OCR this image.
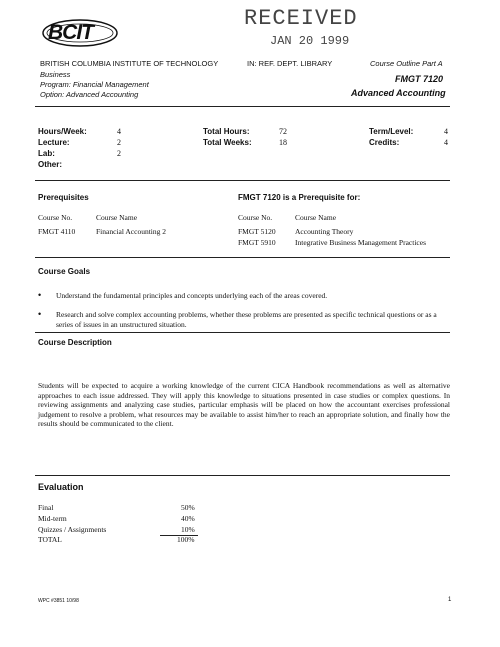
BCIT
RECEIVED
JAN 20 1999
BRITISH COLUMBIA INSTITUTE OF TECHNOLOGY	IN: REF. DEPT. LIBRARY	Course Outline Part A
Business
Program: Financial Management
Option: Advanced Accounting
FMGT 7120
Advanced Accounting
Hours/Week:	4
Lecture:	2
Lab:	2
Other:
Total Hours:	72
Total Weeks:	18
Term/Level:	4
Credits:	4
Prerequisites
Course No.	Course Name
FMGT 4110	Financial Accounting 2
FMGT 7120 is a Prerequisite for:
Course No.	Course Name
FMGT 5120	Accounting Theory
FMGT 5910	Integrative Business Management Practices
Course Goals
• Understand the fundamental principles and concepts underlying each of the areas covered.
• Research and solve complex accounting problems, whether these problems are presented as specific technical questions or as a series of issues in an unstructured situation.
Course Description
Students will be expected to acquire a working knowledge of the current CICA Handbook recommendations as well as alternative approaches to each issue addressed. They will apply this knowledge to situations presented in case studies or complex questions. In reviewing assignments and analyzing case studies, particular emphasis will be placed on how the accountant exercises professional judgement to resolve a problem, what resources may be available to assist him/her to reach an appropriate solution, and finally how the results should be communicated to the client.
Evaluation
Final	50%
Mid-term	40%
Quizzes / Assignments	10%
TOTAL	100%
WPC #3851 10/98	1
